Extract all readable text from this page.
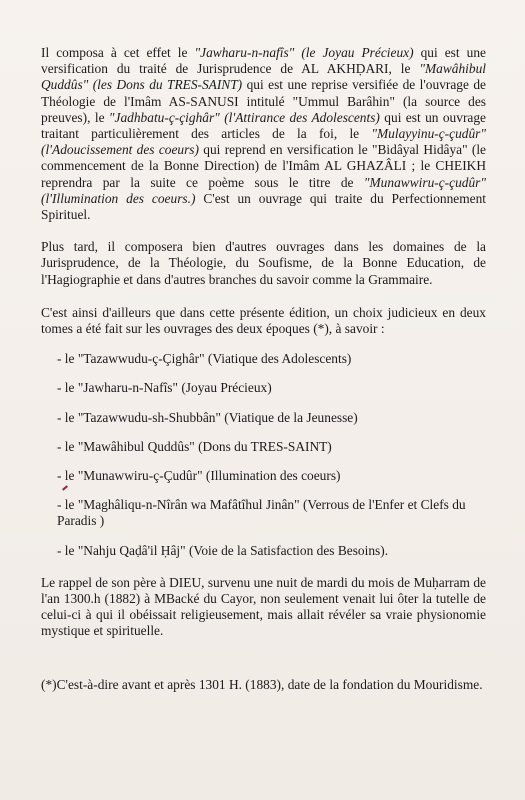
Il composa à cet effet le "Jawharu-n-nafîs" (le Joyau Précieux) qui est une versification du traité de Jurisprudence de AL AKHḌARI, le "Mawâhibul Quddûs" (les Dons du TRES-SAINT) qui est une reprise versifiée de l'ouvrage de Théologie de l'Imâm AS-SANUSI intitulé "Ummul Barâhin" (la source des preuves), le "Jadhbatu-ç-çighâr" (l'Attirance des Adolescents) qui est un ouvrage traitant particulièrement des articles de la foi, le "Mulayyinu-ç-çudûr" (l'Adoucissement des coeurs) qui reprend en versification le "Bidâyal Hidâya" (le commencement de la Bonne Direction) de l'Imâm AL GHAZÂLI ; le CHEIKH reprendra par la suite ce poème sous le titre de "Munawwiru-ç-çudûr" (l'Illumination des coeurs.) C'est un ouvrage qui traite du Perfectionnement Spirituel.

Plus tard, il composera bien d'autres ouvrages dans les domaines de la Jurisprudence, de la Théologie, du Soufisme, de la Bonne Education, de l'Hagiographie et dans d'autres branches du savoir comme la Grammaire.

C'est ainsi d'ailleurs que dans cette présente édition, un choix judicieux en deux tomes a été fait sur les ouvrages des deux époques (*), à savoir :

- le "Tazawwudu-ç-Çighâr" (Viatique des Adolescents)
- le "Jawharu-n-Nafîs" (Joyau Précieux)
- le "Tazawwudu-sh-Shubbân" (Viatique de la Jeunesse)
- le "Mawâhibul Quddûs" (Dons du TRES-SAINT)
- le "Munawwiru-ç-Çudûr" (Illumination des coeurs)
- le "Maghâliqu-n-Nîrân wa Mafâtîhul Jinân" (Verrous de l'Enfer et Clefs du Paradis )
- le "Nahju Qaḍâ'il Ḥâj" (Voie de la Satisfaction des Besoins).

Le rappel de son père à DIEU, survenu une nuit de mardi du mois de Muḥarram de l'an 1300.h (1882) à MBacké du Cayor, non seulement venait lui ôter la tutelle de celui-ci à qui il obéissait religieusement, mais allait révéler sa vraie physionomie mystique et spirituelle.

(*)C'est-à-dire avant et après 1301 H. (1883), date de la fondation du Mouridisme.
